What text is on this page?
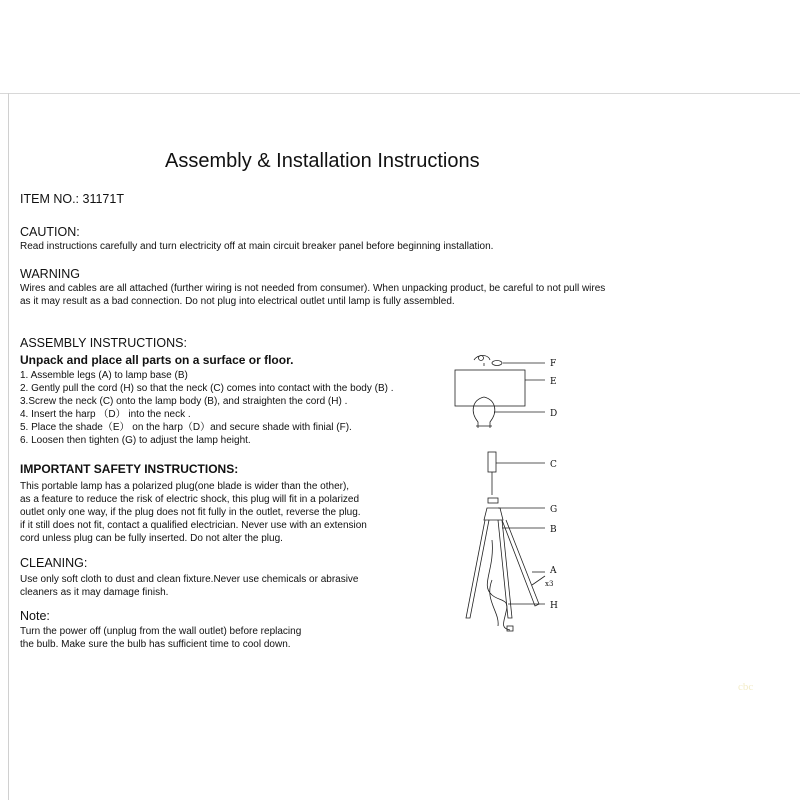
Assembly & Installation Instructions
ITEM NO.: 31171T
CAUTION:
Read instructions carefully and turn electricity off at main circuit breaker panel before beginning installation.
WARNING
Wires and cables are all attached (further wiring is not needed from consumer). When unpacking product, be careful to not pull wires
as it may result as a bad connection. Do not plug into electrical outlet until lamp is fully assembled.
ASSEMBLY INSTRUCTIONS:
Unpack and place all parts on a surface or floor.
1. Assemble legs (A) to lamp base (B)
2. Gently pull the cord (H) so that the neck (C) comes into contact with the body (B) .
3.Screw the neck (C) onto the lamp body (B), and straighten the cord (H) .
4. Insert the harp （D） into the neck .
5. Place the shade（E） on the harp（D）and secure shade with finial (F).
6. Loosen then tighten (G) to adjust the lamp height.
IMPORTANT SAFETY INSTRUCTIONS:
This portable lamp has a polarized plug(one blade is wider than the other),
as a feature to reduce the risk of electric shock, this plug will fit in a polarized
outlet only one way, if the plug does not fit fully in the outlet, reverse the plug.
if it still does not fit, contact a qualified electrician. Never use with an extension
cord unless plug can be fully inserted. Do not alter the plug.
CLEANING:
Use only soft cloth to dust and clean fixture.Never use chemicals or abrasive
cleaners as it may damage finish.
Note:
Turn the power off (unplug from the wall outlet) before replacing
the bulb. Make sure the bulb has sufficient time to cool down.
F
E
D
C
G
B
A
x3
H
cbc
